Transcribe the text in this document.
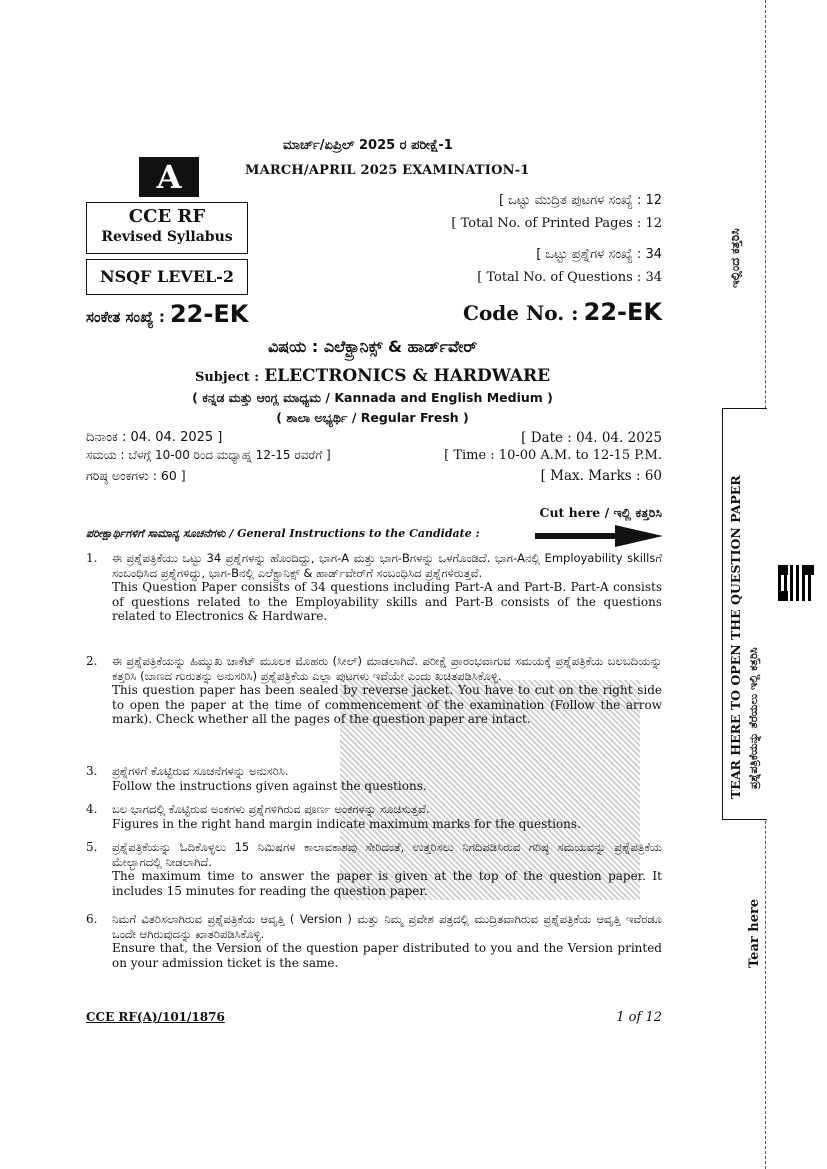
ಮಾರ್ಚ್/ಏಪ್ರಿಲ್ 2025 ರ ಪರೀಕ್ಷೆ-1
MARCH/APRIL 2025 EXAMINATION-1
A
CCE RF
Revised Syllabus
NSQF LEVEL-2
[ ಒಟ್ಟು ಮುದ್ರಿತ ಪುಟಗಳ ಸಂಖ್ಯೆ : 12
[ Total No. of Printed Pages : 12
[ ಒಟ್ಟು ಪ್ರಶ್ನೆಗಳ ಸಂಖ್ಯೆ : 34
[ Total No. of Questions : 34
ಸಂಕೇತ ಸಂಖ್ಯೆ : 22-EK	Code No. : 22-EK
ವಿಷಯ : ಎಲೆಕ್ಟ್ರಾನಿಕ್ಸ್ & ಹಾರ್ಡ್‌ವೇರ್
Subject : ELECTRONICS & HARDWARE
( ಕನ್ನಡ ಮತ್ತು ಆಂಗ್ಲ ಮಾಧ್ಯಮ / Kannada and English Medium )
( ಶಾಲಾ ಅಭ್ಯರ್ಥಿ / Regular Fresh )
ದಿನಾಂಕ : 04. 04. 2025 ]	[ Date : 04. 04. 2025
ಸಮಯ : ಬೆಳಗ್ಗೆ 10-00 ರಿಂದ ಮಧ್ಯಾಹ್ನ 12-15 ರವರೆಗೆ ]	[ Time : 10-00 A.M. to 12-15 P.M.
ಗರಿಷ್ಠ ಅಂಕಗಳು : 60 ]	[ Max. Marks : 60
Cut here / ಇಲ್ಲಿ ಕತ್ತರಿಸಿ
ಪರೀಕ್ಷಾರ್ಥಿಗಳಿಗೆ ಸಾಮಾನ್ಯ ಸೂಚನೆಗಳು / General Instructions to the Candidate :
1. ಈ ಪ್ರಶ್ನೆಪತ್ರಿಕೆಯು ಒಟ್ಟು 34 ಪ್ರಶ್ನೆಗಳನ್ನು ಹೊಂದಿದ್ದು, ಭಾಗ-A ಮತ್ತು ಭಾಗ-Bಗಳನ್ನು ಒಳಗೊಂಡಿದೆ. ಭಾಗ-Aನಲ್ಲಿ Employability skillsಗೆ ಸಂಬಂಧಿಸಿದ ಪ್ರಶ್ನೆಗಳಿದ್ದು, ಭಾಗ-Bನಲ್ಲಿ ಎಲೆಕ್ಟ್ರಾನಿಕ್ಸ್ & ಹಾರ್ಡ್‌ವೇರ್‌ಗೆ ಸಂಬಂಧಿಸಿದ ಪ್ರಶ್ನೆಗಳಿರುತ್ತವೆ.
This Question Paper consists of 34 questions including Part-A and Part-B. Part-A consists of questions related to the Employability skills and Part-B consists of the questions related to Electronics & Hardware.
2. ಈ ಪ್ರಶ್ನೆಪತ್ರಿಕೆಯನ್ನು ಹಿಮ್ಮುಖ ಜಾಕೆಟ್ ಮೂಲಕ ಮೊಹರು (ಸೀಲ್) ಮಾಡಲಾಗಿದೆ. ಪರೀಕ್ಷೆ ಪ್ರಾರಂಭವಾಗುವ ಸಮಯಕ್ಕೆ ಪ್ರಶ್ನೆಪತ್ರಿಕೆಯ ಬಲಬದಿಯನ್ನು ಕತ್ತರಿಸಿ (ಬಾಣದ ಗುರುತನ್ನು ಅನುಸರಿಸಿ) ಪ್ರಶ್ನೆಪತ್ರಿಕೆಯ ಎಲ್ಲಾ ಪುಟಗಳು ಇವೆಯೇ ಎಂದು ಖಚಿತಪಡಿಸಿಕೊಳ್ಳಿ.
This question paper has been sealed by reverse jacket. You have to cut on the right side to open the paper at the time of commencement of the examination (Follow the arrow mark). Check whether all the pages of the question paper are intact.
3. ಪ್ರಶ್ನೆಗಳಿಗೆ ಕೊಟ್ಟಿರುವ ಸೂಚನೆಗಳನ್ನು ಅನುಸರಿಸಿ.
Follow the instructions given against the questions.
4. ಬಲ ಭಾಗದಲ್ಲಿ ಕೊಟ್ಟಿರುವ ಅಂಕಗಳು ಪ್ರಶ್ನೆಗಳಿಗಿರುವ ಪೂರ್ಣ ಅಂಕಗಳನ್ನು ಸೂಚಿಸುತ್ತವೆ.
Figures in the right hand margin indicate maximum marks for the questions.
5. ಪ್ರಶ್ನೆಪತ್ರಿಕೆಯನ್ನು ಓದಿಕೊಳ್ಳಲು 15 ನಿಮಿಷಗಳ ಕಾಲಾವಕಾಶವು ಸೇರಿದಂತೆ, ಉತ್ತರಿಸಲು ನಿಗದಿಪಡಿಸಿರುವ ಗರಿಷ್ಠ ಸಮಯವನ್ನು ಪ್ರಶ್ನೆಪತ್ರಿಕೆಯ ಮೇಲ್ಭಾಗದಲ್ಲಿ ನೀಡಲಾಗಿದೆ.
The maximum time to answer the paper is given at the top of the question paper. It includes 15 minutes for reading the question paper.
6. ನಿಮಗೆ ವಿತರಿಸಲಾಗಿರುವ ಪ್ರಶ್ನೆಪತ್ರಿಕೆಯ ಆವೃತ್ತಿ ( Version ) ಮತ್ತು ನಿಮ್ಮ ಪ್ರವೇಶ ಪತ್ರದಲ್ಲಿ ಮುದ್ರಿತವಾಗಿರುವ ಪ್ರಶ್ನೆಪತ್ರಿಕೆಯ ಆವೃತ್ತಿ ಇವೆರಡೂ ಒಂದೇ ಆಗಿರುವುದನ್ನು ಖಾತರಿಪಡಿಸಿಕೊಳ್ಳಿ.
Ensure that, the Version of the question paper distributed to you and the Version printed on your admission ticket is the same.
CCE RF(A)/101/1876	1 of 12
ಇಲ್ಲಿಂದ ಕತ್ತರಿಸಿ
TEAR HERE TO OPEN THE QUESTION PAPER ಪ್ರಶ್ನೆಪತ್ರಿಕೆಯನ್ನು ತೆರೆಯಲು ಇಲ್ಲಿ ಕತ್ತರಿಸಿ
Tear here
